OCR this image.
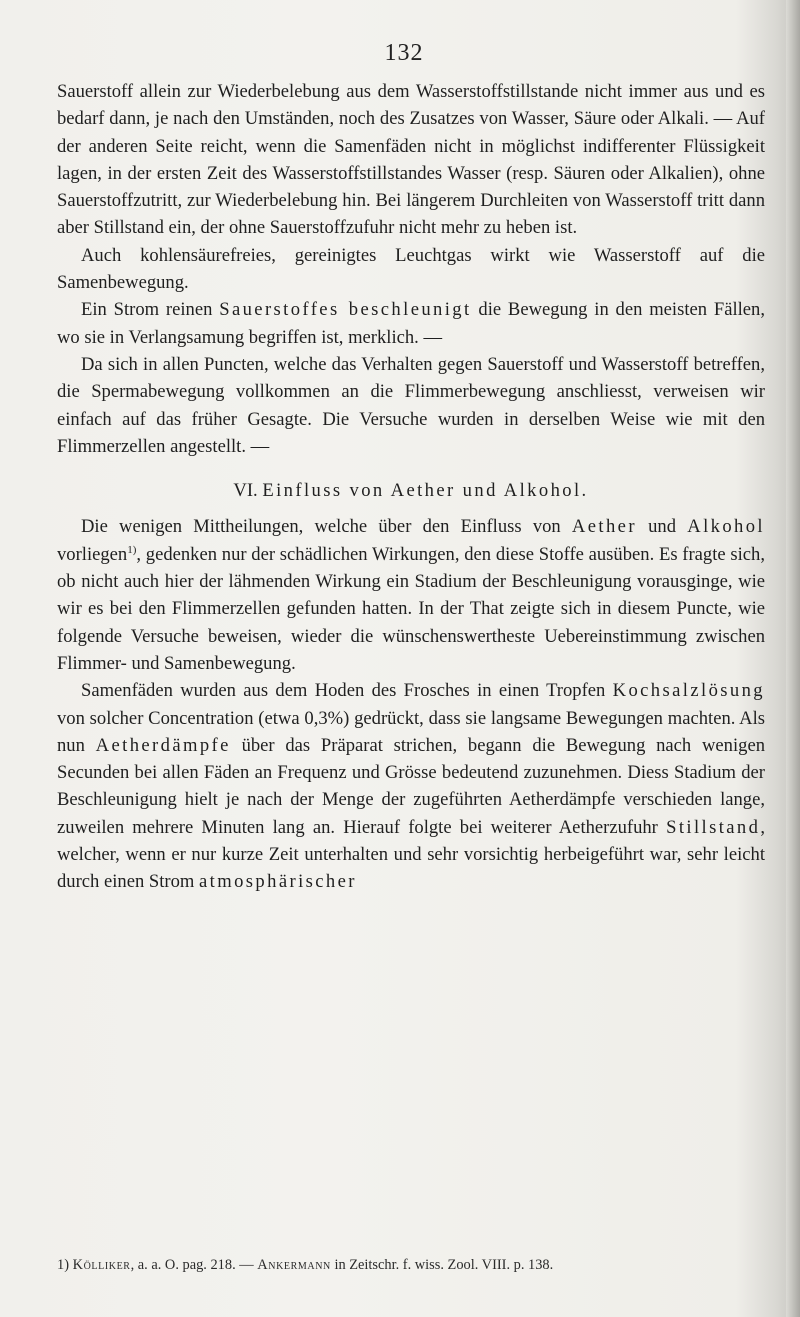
132

Sauerstoff allein zur Wiederbelebung aus dem Wasserstoffstillstande nicht immer aus und es bedarf dann, je nach den Umständen, noch des Zusatzes von Wasser, Säure oder Alkali. — Auf der anderen Seite reicht, wenn die Samenfäden nicht in möglichst indifferenter Flüssigkeit lagen, in der ersten Zeit des Wasserstoffstillstandes Wasser (resp. Säuren oder Alkalien), ohne Sauerstoffzutritt, zur Wiederbelebung hin. Bei längerem Durchleiten von Wasserstoff tritt dann aber Stillstand ein, der ohne Sauerstoffzufuhr nicht mehr zu heben ist.

Auch kohlensäurefreies, gereinigtes Leuchtgas wirkt wie Wasserstoff auf die Samenbewegung.

Ein Strom reinen Sauerstoffes beschleunigt die Bewegung in den meisten Fällen, wo sie in Verlangsamung begriffen ist, merklich. —

Da sich in allen Puncten, welche das Verhalten gegen Sauerstoff und Wasserstoff betreffen, die Spermabewegung vollkommen an die Flimmerbewegung anschliesst, verweisen wir einfach auf das früher Gesagte. Die Versuche wurden in derselben Weise wie mit den Flimmerzellen angestellt. —

VI. Einfluss von Aether und Alkohol.

Die wenigen Mittheilungen, welche über den Einfluss von Aether und Alkohol vorliegen$^{1)}$, gedenken nur der schädlichen Wirkungen, den diese Stoffe ausüben. Es fragte sich, ob nicht auch hier der lähmenden Wirkung ein Stadium der Beschleunigung vorausginge, wie wir es bei den Flimmerzellen gefunden hatten. In der That zeigte sich in diesem Puncte, wie folgende Versuche beweisen, wieder die wünschenswertheste Uebereinstimmung zwischen Flimmer- und Samenbewegung.

Samenfäden wurden aus dem Hoden des Frosches in einen Tropfen Kochsalzlösung von solcher Concentration (etwa 0,3%) gedrückt, dass sie langsame Bewegungen machten. Als nun Aetherdämpfe über das Präparat strichen, begann die Bewegung nach wenigen Secunden bei allen Fäden an Frequenz und Grösse bedeutend zuzunehmen. Diess Stadium der Beschleunigung hielt je nach der Menge der zugeführten Aetherdämpfe verschieden lange, zuweilen mehrere Minuten lang an. Hierauf folgte bei weiterer Aetherzufuhr Stillstand, welcher, wenn er nur kurze Zeit unterhalten und sehr vorsichtig herbeigeführt war, sehr leicht durch einen Strom atmosphärischer

1) Kölliker, a. a. O. pag. 218. — Ankermann in Zeitschr. f. wiss. Zool. VIII. p. 138.
